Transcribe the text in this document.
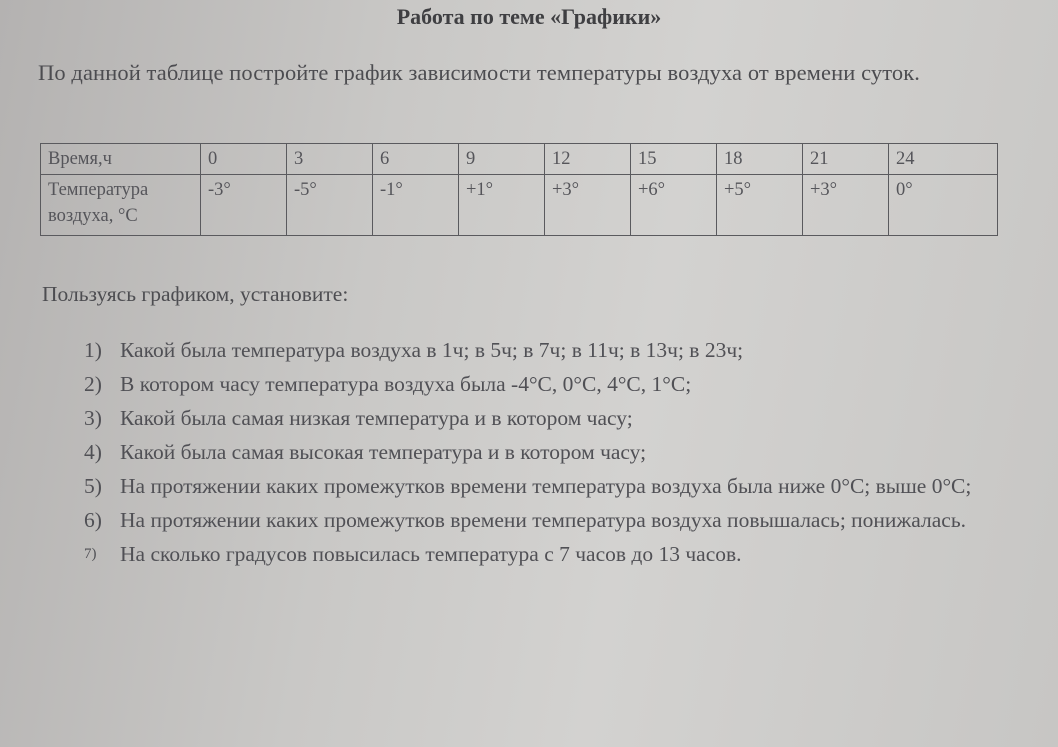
Работа по теме «Графики»
По данной таблице постройте график зависимости температуры воздуха от времени суток.
Время,ч	0	3	6	9	12	15	18	21	24
Температура воздуха, °С	-3°	-5°	-1°	+1°	+3°	+6°	+5°	+3°	0°
Пользуясь графиком, установите:
1) Какой была температура воздуха в 1ч; в 5ч; в 7ч; в 11ч; в 13ч; в 23ч;
2) В котором часу температура воздуха была -4°С, 0°С, 4°С, 1°С;
3) Какой была самая низкая температура и в котором часу;
4) Какой была самая высокая температура и в котором часу;
5) На протяжении каких промежутков времени температура воздуха была ниже 0°С; выше 0°С;
6) На протяжении каких промежутков времени температура воздуха повышалась; понижалась.
7) На сколько градусов повысилась температура с 7 часов до 13 часов.
